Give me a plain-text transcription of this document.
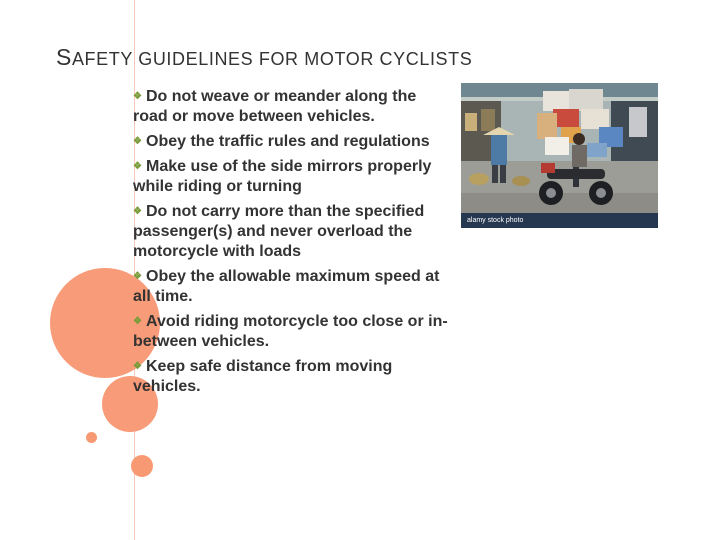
SAFETY GUIDELINES FOR MOTOR CYCLISTS
❖ Do not weave or meander along the road or move between vehicles.
❖ Obey the traffic rules and regulations
❖ Make use of the side mirrors properly while riding or turning
❖ Do not carry more than the specified passenger(s) and never overload the motorcycle with loads
❖ Obey the allowable maximum speed at all time.
❖ Avoid riding motorcycle too close or in-between vehicles.
❖ Keep safe distance from moving vehicles.
alamy stock photo
